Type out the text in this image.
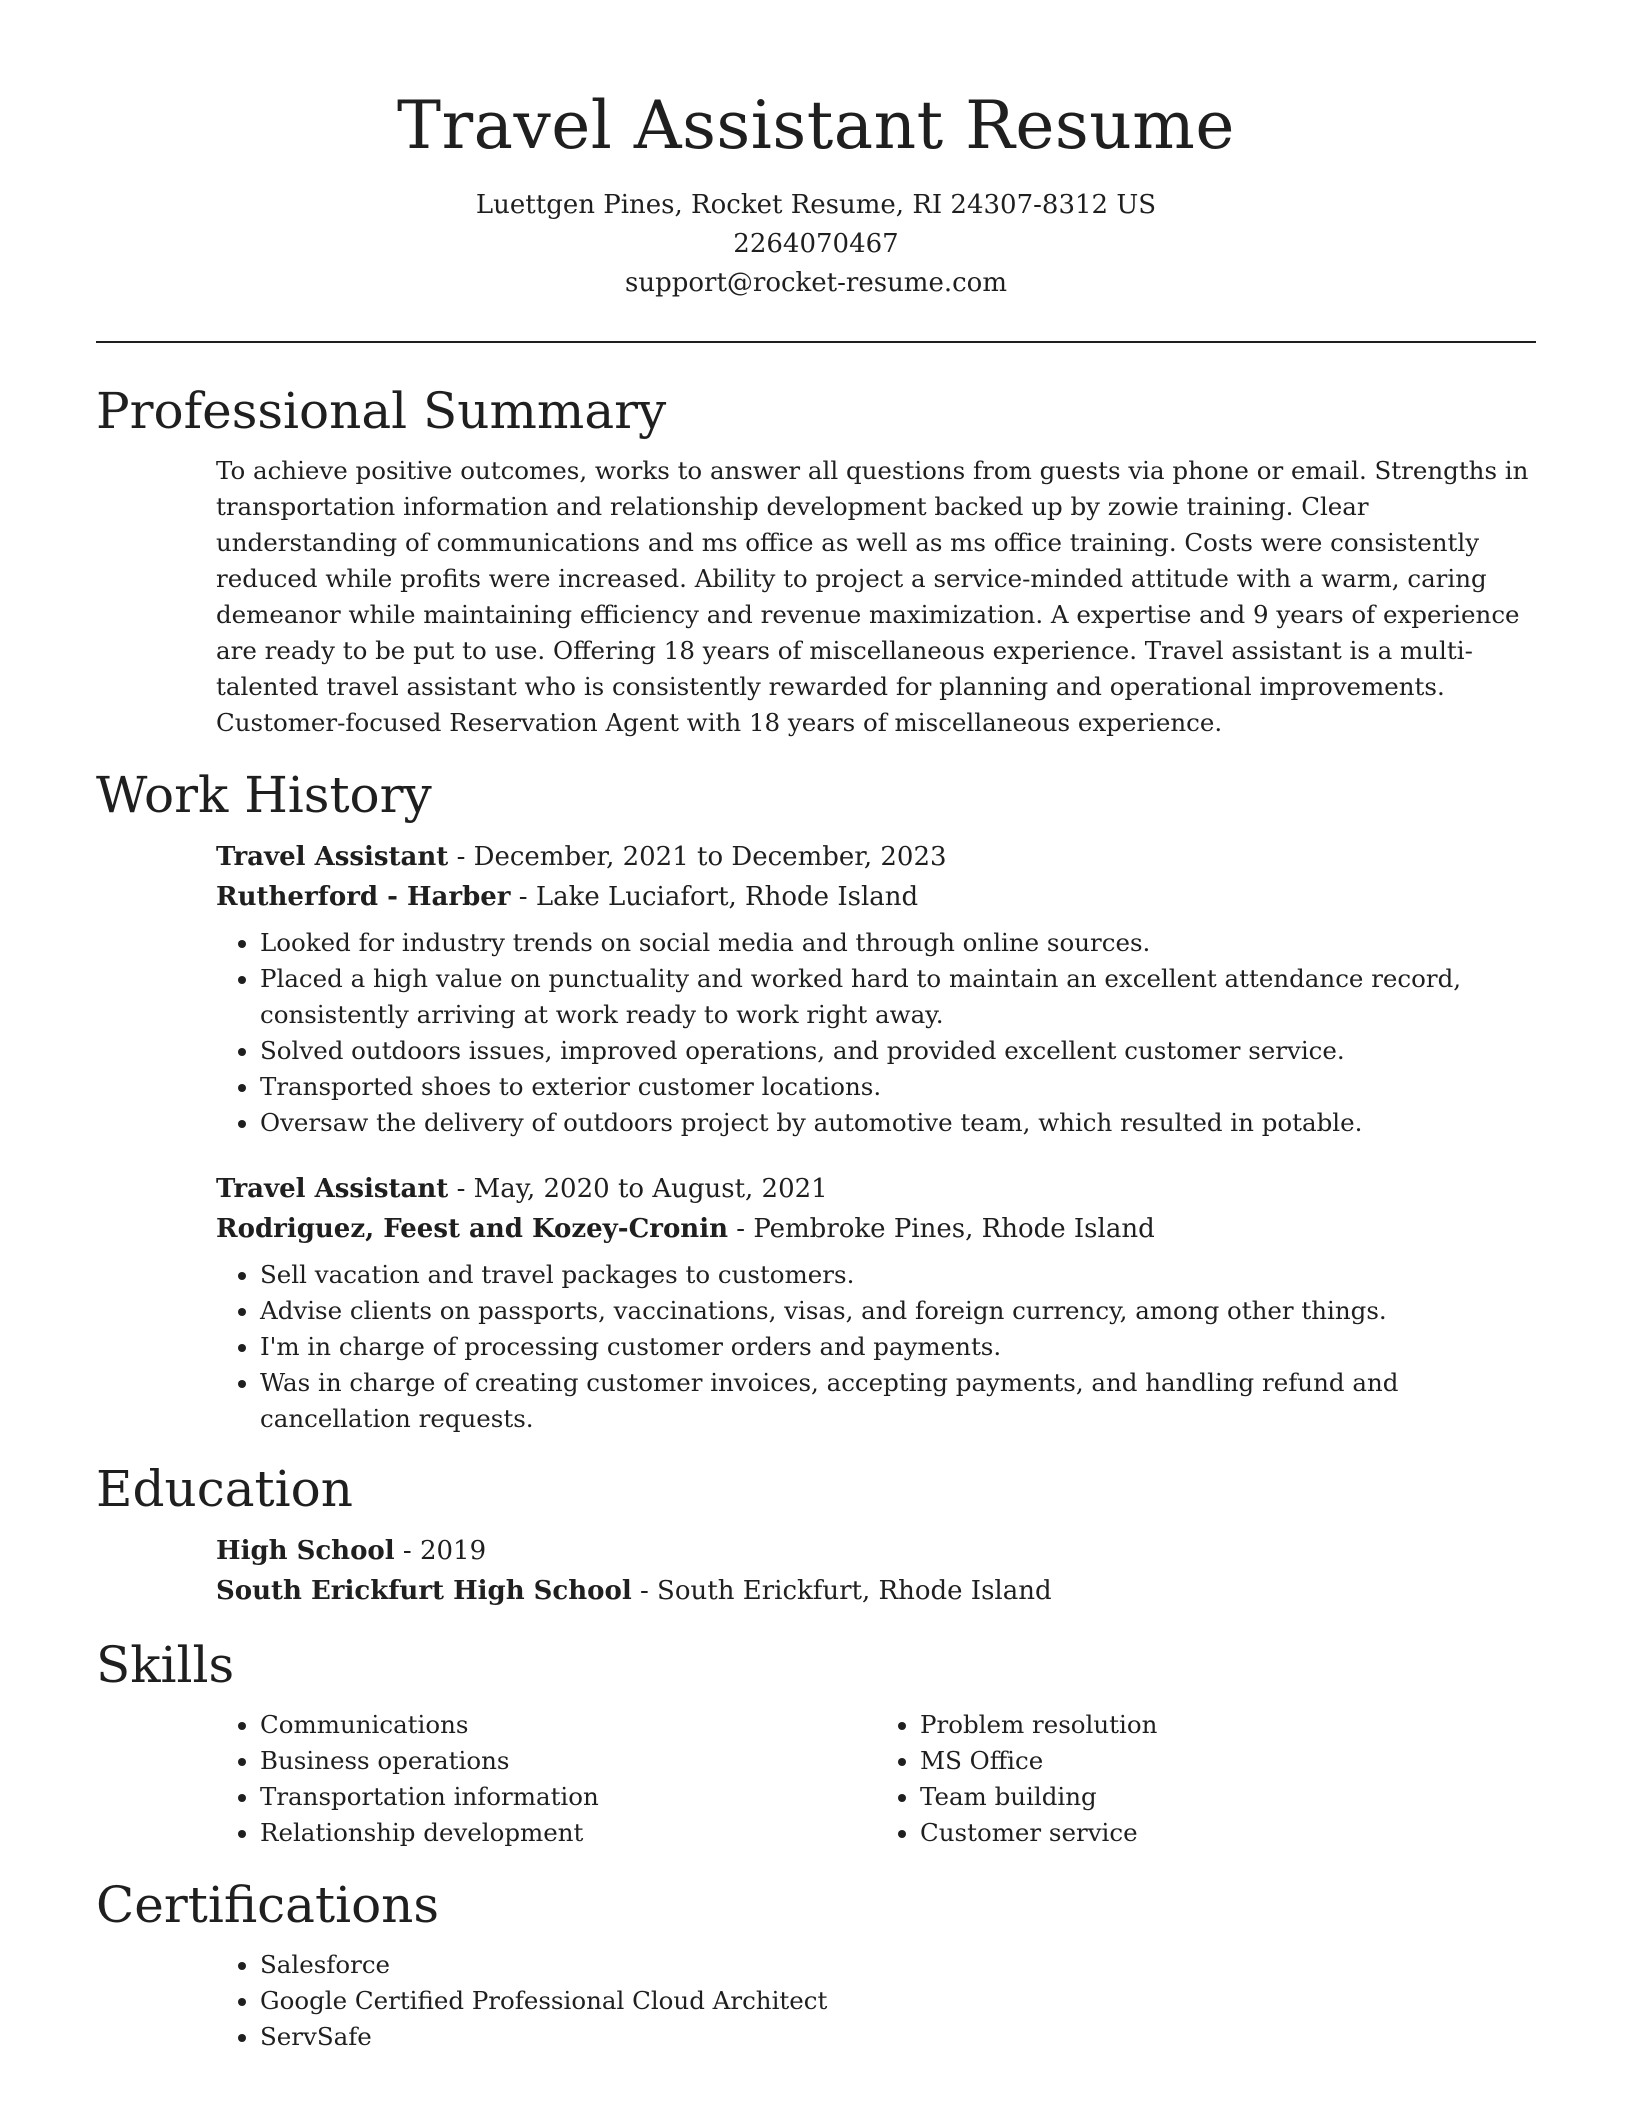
Travel Assistant Resume
Luettgen Pines, Rocket Resume, RI 24307-8312 US
2264070467
support@rocket-resume.com
Professional Summary

To achieve positive outcomes, works to answer all questions from guests via phone or email. Strengths in transportation information and relationship development backed up by zowie training. Clear understanding of communications and ms office as well as ms office training. Costs were consistently reduced while profits were increased. Ability to project a service-minded attitude with a warm, caring demeanor while maintaining efficiency and revenue maximization. A expertise and 9 years of experience are ready to be put to use. Offering 18 years of miscellaneous experience. Travel assistant is a multi-talented travel assistant who is consistently rewarded for planning and operational improvements. Customer-focused Reservation Agent with 18 years of miscellaneous experience.

Work History
Travel Assistant - December, 2021 to December, 2023
Rutherford - Harber - Lake Luciafort, Rhode Island
• Looked for industry trends on social media and through online sources.
• Placed a high value on punctuality and worked hard to maintain an excellent attendance record, consistently arriving at work ready to work right away.
• Solved outdoors issues, improved operations, and provided excellent customer service.
• Transported shoes to exterior customer locations.
• Oversaw the delivery of outdoors project by automotive team, which resulted in potable.
Travel Assistant - May, 2020 to August, 2021
Rodriguez, Feest and Kozey-Cronin - Pembroke Pines, Rhode Island
• Sell vacation and travel packages to customers.
• Advise clients on passports, vaccinations, visas, and foreign currency, among other things.
• I'm in charge of processing customer orders and payments.
• Was in charge of creating customer invoices, accepting payments, and handling refund and cancellation requests.
Education
High School - 2019
South Erickfurt High School - South Erickfurt, Rhode Island
Skills
• Communications
• Business operations
• Transportation information
• Relationship development
• Problem resolution
• MS Office
• Team building
• Customer service
Certifications
• Salesforce
• Google Certified Professional Cloud Architect
• ServSafe
